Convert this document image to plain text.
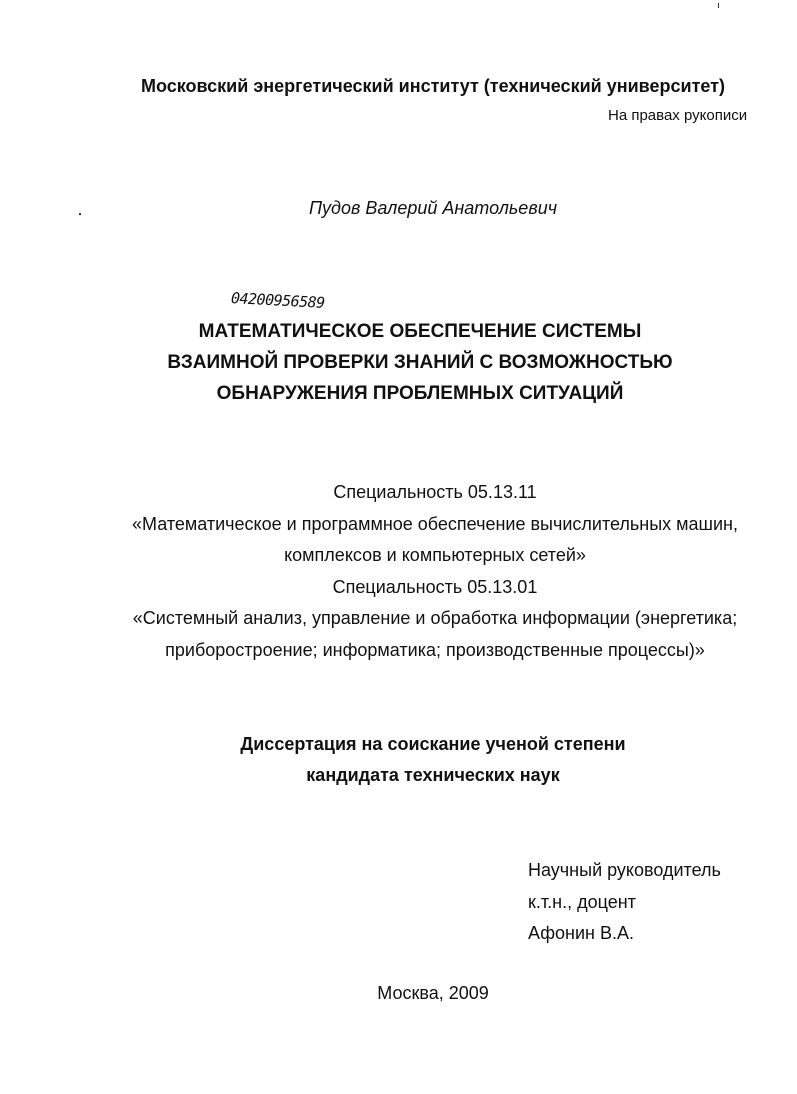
Московский энергетический институт (технический университет)
На правах рукописи
Пудов Валерий Анатольевич
04200956589
МАТЕМАТИЧЕСКОЕ ОБЕСПЕЧЕНИЕ СИСТЕМЫ
ВЗАИМНОЙ ПРОВЕРКИ ЗНАНИЙ С ВОЗМОЖНОСТЬЮ
ОБНАРУЖЕНИЯ ПРОБЛЕМНЫХ СИТУАЦИЙ
Специальность 05.13.11
«Математическое и программное обеспечение вычислительных машин,
комплексов и компьютерных сетей»
Специальность 05.13.01
«Системный анализ, управление и обработка информации (энергетика;
приборостроение; информатика; производственные процессы)»
Диссертация на соискание ученой степени
кандидата технических наук
Научный руководитель
к.т.н., доцент
Афонин В.А.
Москва, 2009
